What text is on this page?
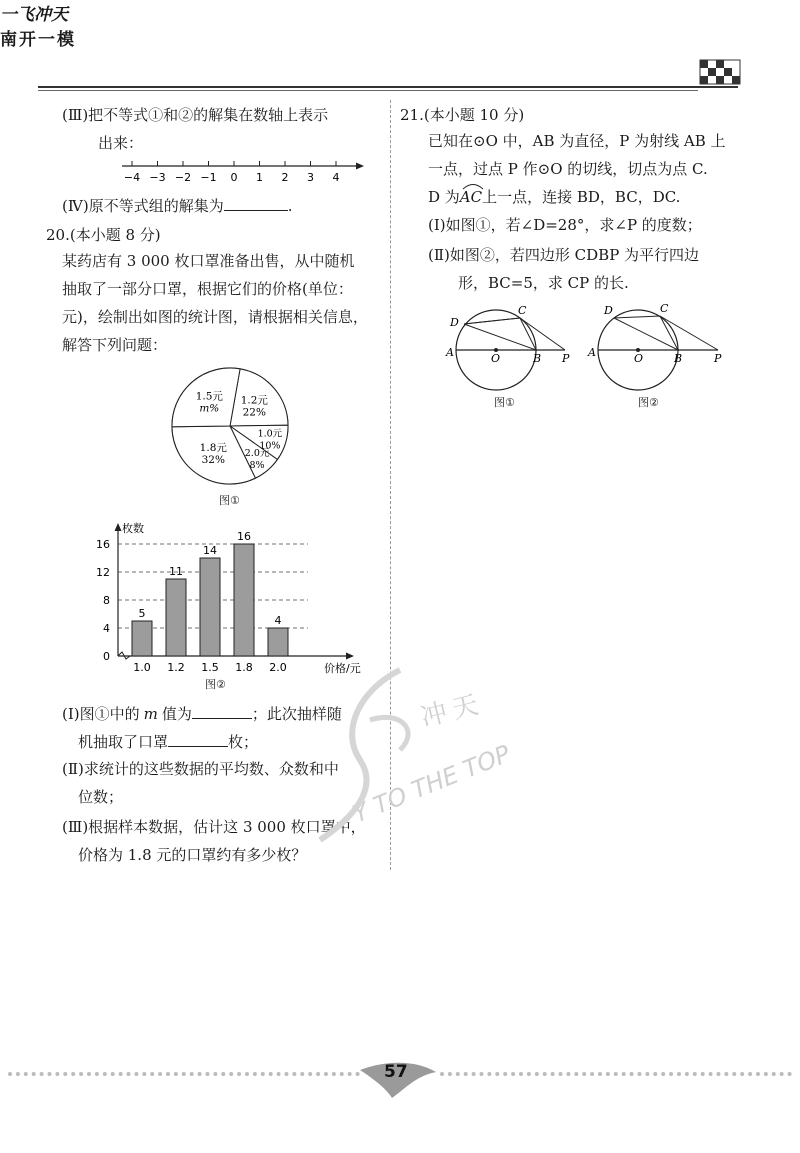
一飞冲天
南开一模
(Ⅲ)把不等式①和②的解集在数轴上表示
出来：
−4 −3 −2 −1 0 1 2 3 4
(Ⅳ)原不等式组的解集为	.
20.(本小题 8 分)
某药店有 3 000 枚口罩准备出售，从中随机
抽取了一部分口罩，根据它们的价格(单位：
元)，绘制出如图的统计图，请根据相关信息，
解答下列问题：
1.2元
22%
1.0元
10%
2.0元
8%
1.8元
32%
1.5元
m%
图①
枚数
价格/元
0
4
8
12
16
5
1.0
11
1.2
14
1.5
16
1.8
4
2.0
图②
(Ⅰ)图①中的 m 值为	；此次抽样随
机抽取了口罩	枚；
(Ⅱ)求统计的这些数据的平均数、众数和中
位数；
(Ⅲ)根据样本数据，估计这 3 000 枚口罩中，
价格为 1.8 元的口罩约有多少枚？
21.(本小题 10 分)
已知在⊙O 中，AB 为直径，P 为射线 AB 上
一点，过点 P 作⊙O 的切线，切点为点 C.
D 为
AC上一点，连接 BD，BC，DC.
(Ⅰ)如图①，若∠D=28°，求∠P 的度数；
(Ⅱ)如图②，若四边形 CDBP 为平行四边
形，BC=5，求 CP 的长.
D
C
A	O	B P
图①
D	C
A	O	B	P
图②
冲天
Y TO THE TOP
57
